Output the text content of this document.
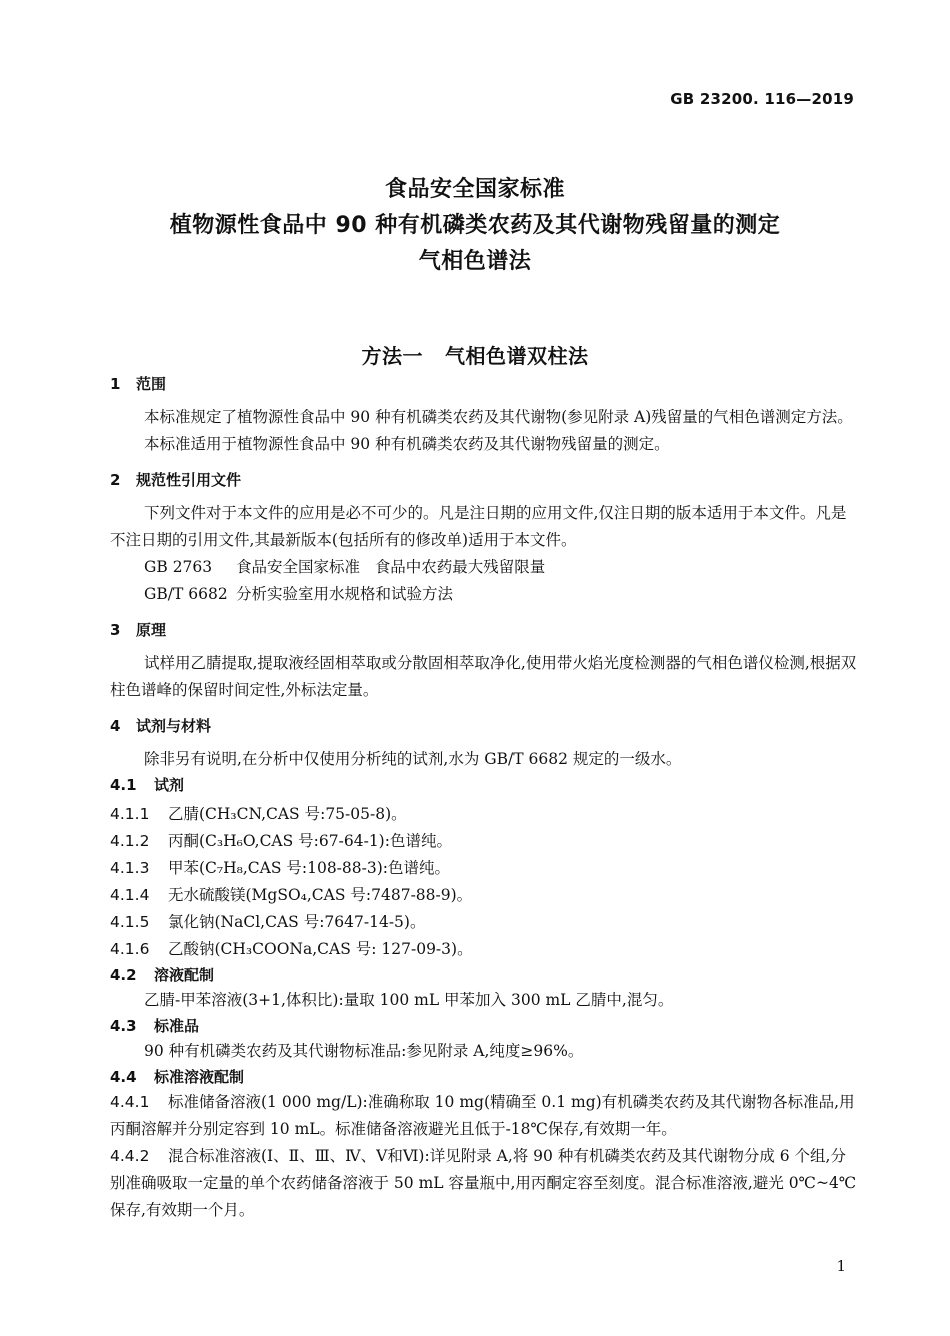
GB 23200. 116—2019
食品安全国家标准
植物源性食品中 90 种有机磷类农药及其代谢物残留量的测定
气相色谱法
方法一 气相色谱双柱法
1 范围

本标准规定了植物源性食品中 90 种有机磷类农药及其代谢物(参见附录 A)残留量的气相色谱测定方法。

本标准适用于植物源性食品中 90 种有机磷类农药及其代谢物残留量的测定。

2 规范性引用文件

下列文件对于本文件的应用是必不可少的。凡是注日期的应用文件,仅注日期的版本适用于本文件。凡是不注日期的引用文件,其最新版本(包括所有的修改单)适用于本文件。

GB 2763 食品安全国家标准   食品中农药最大残留限量

GB/T 6682 分析实验室用水规格和试验方法

3 原理

试样用乙腈提取,提取液经固相萃取或分散固相萃取净化,使用带火焰光度检测器的气相色谱仪检测,根据双柱色谱峰的保留时间定性,外标法定量。

4 试剂与材料

除非另有说明,在分析中仅使用分析纯的试剂,水为 GB/T 6682 规定的一级水。

4.1 试剂

4.1.1 乙腈(CH₃CN,CAS 号:75-05-8)。

4.1.2 丙酮(C₃H₆O,CAS 号:67-64-1):色谱纯。

4.1.3 甲苯(C₇H₈,CAS 号:108-88-3):色谱纯。

4.1.4 无水硫酸镁(MgSO₄,CAS 号:7487-88-9)。

4.1.5 氯化钠(NaCl,CAS 号:7647-14-5)。

4.1.6 乙酸钠(CH₃COONa,CAS 号: 127-09-3)。

4.2 溶液配制

乙腈-甲苯溶液(3+1,体积比):量取 100 mL 甲苯加入 300 mL 乙腈中,混匀。

4.3 标准品

90 种有机磷类农药及其代谢物标准品:参见附录 A,纯度≥96%。

4.4 标准溶液配制

4.4.1 标准储备溶液(1 000 mg/L):准确称取 10 mg(精确至 0.1 mg)有机磷类农药及其代谢物各标准品,用丙酮溶解并分别定容到 10 mL。标准储备溶液避光且低于-18℃保存,有效期一年。

4.4.2 混合标准溶液(Ⅰ、Ⅱ、Ⅲ、Ⅳ、Ⅴ和Ⅵ):详见附录 A,将 90 种有机磷类农药及其代谢物分成 6 个组,分别准确吸取一定量的单个农药储备溶液于 50 mL 容量瓶中,用丙酮定容至刻度。混合标准溶液,避光 0℃~4℃保存,有效期一个月。

1
